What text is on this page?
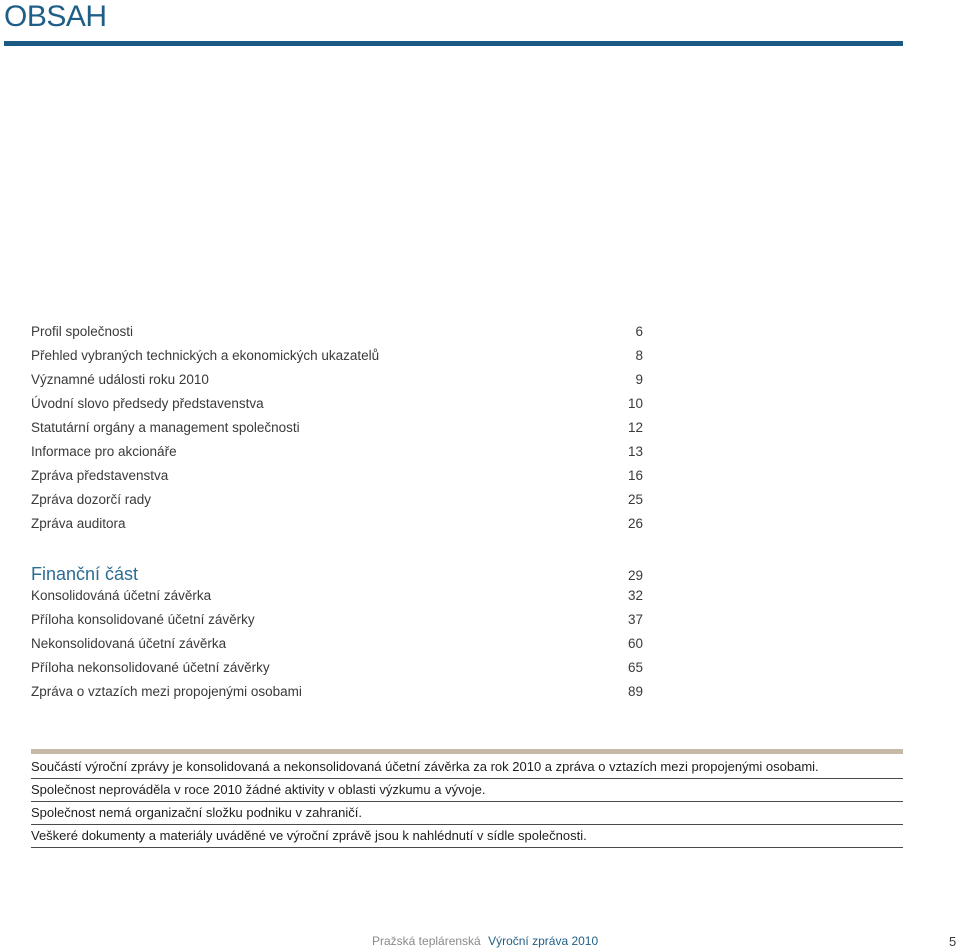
OBSAH
Profil společnosti	6
Přehled vybraných technických a ekonomických ukazatelů	8
Významné události roku 2010	9
Úvodní slovo předsedy představenstva	10
Statutární orgány a management společnosti	12
Informace pro akcionáře	13
Zpráva představenstva	16
Zpráva dozorčí rady	25
Zpráva auditora	26
Finanční část	29
Konsolidováná účetní závěrka	32
Příloha konsolidované účetní závěrky	37
Nekonsolidovaná účetní závěrka	60
Příloha nekonsolidované účetní závěrky	65
Zpráva o vztazích mezi propojenými osobami	89
Součástí výroční zprávy je konsolidovaná a nekonsolidovaná účetní závěrka za rok 2010 a zpráva o vztazích mezi propojenými osobami.
Společnost neprováděla v roce 2010 žádné aktivity v oblasti výzkumu a vývoje.
Společnost nemá organizační složku podniku v zahraničí.
Veškeré dokumenty a materiály uváděné ve výroční zprávě jsou k nahlédnutí v sídle společnosti.
Pražská teplárenská Výroční zpráva 2010	5
